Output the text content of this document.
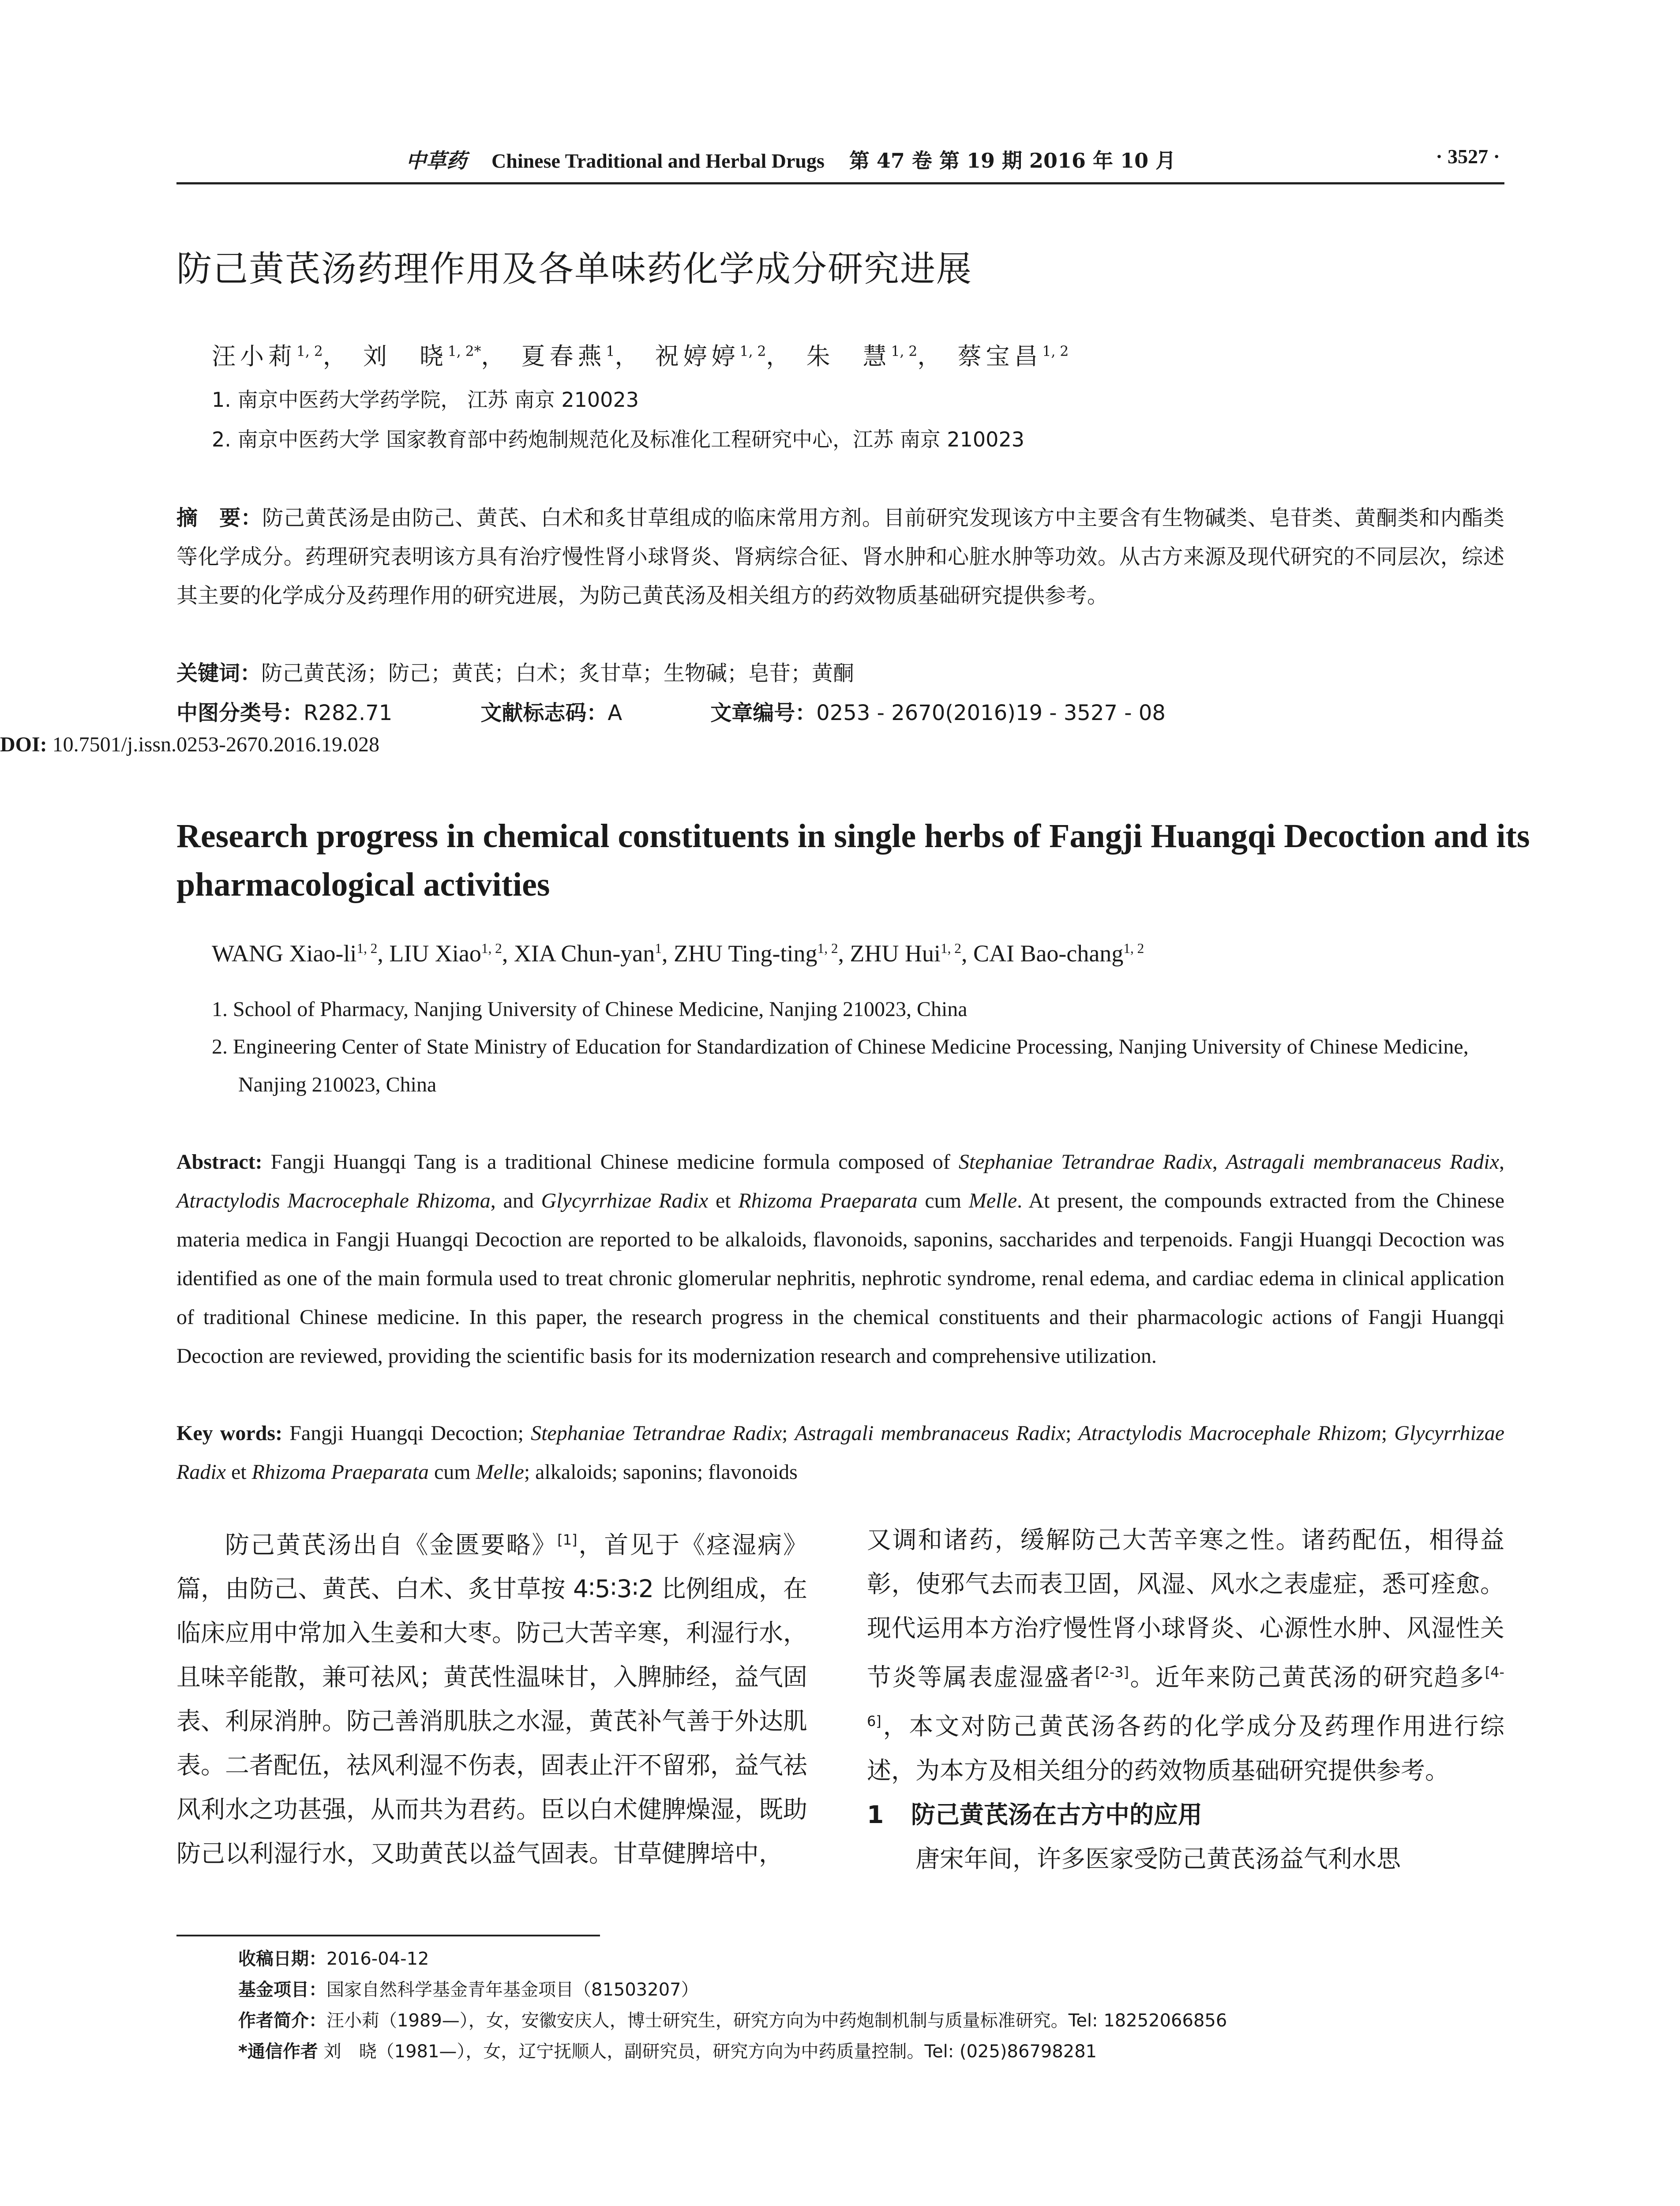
中草药 Chinese Traditional and Herbal Drugs 第 47 卷 第 19 期 2016 年 10 月	· 3527 ·
防己黄芪汤药理作用及各单味药化学成分研究进展
汪小莉$^{1, 2}$， 刘　晓$^{1, 2*}$， 夏春燕$^1$， 祝婷婷$^{1, 2}$， 朱　慧$^{1, 2}$， 蔡宝昌$^{1, 2}$
1. 南京中医药大学药学院， 江苏 南京 210023
2. 南京中医药大学 国家教育部中药炮制规范化及标准化工程研究中心，江苏 南京 210023
摘　要：防己黄芪汤是由防己、黄芪、白术和炙甘草组成的临床常用方剂。目前研究发现该方中主要含有生物碱类、皂苷类、黄酮类和内酯类等化学成分。药理研究表明该方具有治疗慢性肾小球肾炎、肾病综合征、肾水肿和心脏水肿等功效。从古方来源及现代研究的不同层次，综述其主要的化学成分及药理作用的研究进展，为防己黄芪汤及相关组方的药效物质基础研究提供参考。
关键词：防己黄芪汤；防己；黄芪；白术；炙甘草；生物碱；皂苷；黄酮
中图分类号：R282.71	文献标志码：A	文章编号：0253 - 2670(2016)19 - 3527 - 08
DOI: 10.7501/j.issn.0253-2670.2016.19.028
Research progress in chemical constituents in single herbs of Fangji Huangqi Decoction and its pharmacological activities
WANG Xiao-li$^{1, 2}$, LIU Xiao$^{1, 2}$, XIA Chun-yan$^1$, ZHU Ting-ting$^{1, 2}$, ZHU Hui$^{1, 2}$, CAI Bao-chang$^{1, 2}$
1. School of Pharmacy, Nanjing University of Chinese Medicine, Nanjing 210023, China
2. Engineering Center of State Ministry of Education for Standardization of Chinese Medicine Processing, Nanjing University of Chinese Medicine, Nanjing 210023, China
Abstract: Fangji Huangqi Tang is a traditional Chinese medicine formula composed of Stephaniae Tetrandrae Radix, Astragali membranaceus Radix, Atractylodis Macrocephale Rhizoma, and Glycyrrhizae Radix et Rhizoma Praeparata cum Melle. At present, the compounds extracted from the Chinese materia medica in Fangji Huangqi Decoction are reported to be alkaloids, flavonoids, saponins, saccharides and terpenoids. Fangji Huangqi Decoction was identified as one of the main formula used to treat chronic glomerular nephritis, nephrotic syndrome, renal edema, and cardiac edema in clinical application of traditional Chinese medicine. In this paper, the research progress in the chemical constituents and their pharmacologic actions of Fangji Huangqi Decoction are reviewed, providing the scientific basis for its modernization research and comprehensive utilization.
Key words: Fangji Huangqi Decoction; Stephaniae Tetrandrae Radix; Astragali membranaceus Radix; Atractylodis Macrocephale Rhizom; Glycyrrhizae Radix et Rhizoma Praeparata cum Melle; alkaloids; saponins; flavonoids
防己黄芪汤出自《金匮要略》[1]，首见于《痉湿病》篇，由防己、黄芪、白术、炙甘草按 4∶5∶3∶2 比例组成，在临床应用中常加入生姜和大枣。防己大苦辛寒，利湿行水，且味辛能散，兼可祛风；黄芪性温味甘，入脾肺经，益气固表、利尿消肿。防己善消肌肤之水湿，黄芪补气善于外达肌表。二者配伍，祛风利湿不伤表，固表止汗不留邪，益气祛风利水之功甚强，从而共为君药。臣以白术健脾燥湿，既助防己以利湿行水，又助黄芪以益气固表。甘草健脾培中，
又调和诸药，缓解防己大苦辛寒之性。诸药配伍，相得益彰，使邪气去而表卫固，风湿、风水之表虚症，悉可痊愈。现代运用本方治疗慢性肾小球肾炎、心源性水肿、风湿性关节炎等属表虚湿盛者[2-3]。近年来防己黄芪汤的研究趋多[4-6]，本文对防己黄芪汤各药的化学成分及药理作用进行综述，为本方及相关组分的药效物质基础研究提供参考。
1 防己黄芪汤在古方中的应用
唐宋年间，许多医家受防己黄芪汤益气利水思
收稿日期：2016-04-12
基金项目：国家自然科学基金青年基金项目（81503207）
作者简介：汪小莉（1989—），女，安徽安庆人，博士研究生，研究方向为中药炮制机制与质量标准研究。Tel: 18252066856
*通信作者 刘　晓（1981—），女，辽宁抚顺人，副研究员，研究方向为中药质量控制。Tel: (025)86798281
